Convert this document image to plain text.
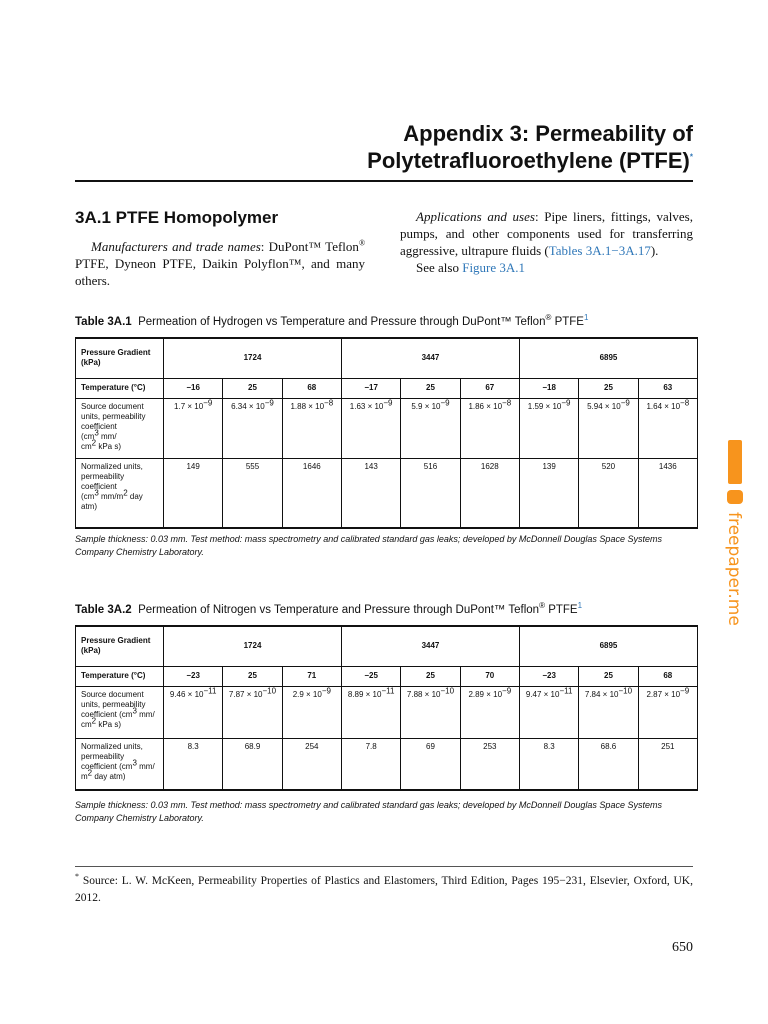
Appendix 3: Permeability of
Polytetrafluoroethylene (PTFE)*
3A.1 PTFE Homopolymer

Manufacturers and trade names: DuPont™ Teflon® PTFE, Dyneon PTFE, Daikin Polyflon™, and many others.

Applications and uses: Pipe liners, fittings, valves, pumps, and other components used for transferring aggressive, ultrapure fluids (Tables 3A.1−3A.17).

See also Figure 3A.1

Table 3A.1 Permeation of Hydrogen vs Temperature and Pressure through DuPont™ Teflon® PTFE$^1$
Pressure Gradient (kPa)	1724			3447			6895		
Temperature (°C)	−16	25	68	−17	25	67	−18	25	63
Source document units, permeability coefficient
($cm^3$ mm/
$cm^2$ kPa s)	$1.7 \times 10^{-9}$	$6.34 \times 10^{-9}$	$1.88 \times 10^{-8}$	$1.63 \times 10^{-9}$	$5.9 \times 10^{-9}$	$1.86 \times 10^{-8}$	$1.59 \times 10^{-9}$	$5.94 \times 10^{-9}$	$1.64 \times 10^{-8}$
Normalized units, permeability coefficient
($cm^3$ $mm/m^2$ day
atm)	149	555	1646	143	516	1628	139	520	1436
Sample thickness: 0.03 mm. Test method: mass spectrometry and calibrated standard gas leaks; developed by McDonnell Douglas Space Systems Company Chemistry Laboratory.
Table 3A.2 Permeation of Nitrogen vs Temperature and Pressure through DuPont™ Teflon® PTFE$^1$
Pressure Gradient (kPa)	1724			3447			6895		
Temperature (°C)	−23	25	71	−25	25	70	−23	25	68
Source document units, permeability coefficient ($cm^3$ mm/
$cm^2$ kPa s)	$9.46 \times 10^{-11}$	$7.87 \times 10^{-10}$	$2.9 \times 10^{-9}$	$8.89 \times 10^{-11}$	$7.88 \times 10^{-10}$	$2.89 \times 10^{-9}$	$9.47 \times 10^{-11}$	$7.84 \times 10^{-10}$	$2.87 \times 10^{-9}$
Normalized units, permeability coefficient ($cm^3$ mm/
$m^2$ day atm)	8.3	68.9	254	7.8	69	253	8.3	68.6	251
Sample thickness: 0.03 mm. Test method: mass spectrometry and calibrated standard gas leaks; developed by McDonnell Douglas Space Systems Company Chemistry Laboratory.
* Source: L. W. McKeen, Permeability Properties of Plastics and Elastomers, Third Edition, Pages 195−231, Elsevier, Oxford, UK, 2012.
650
freepaper.me
